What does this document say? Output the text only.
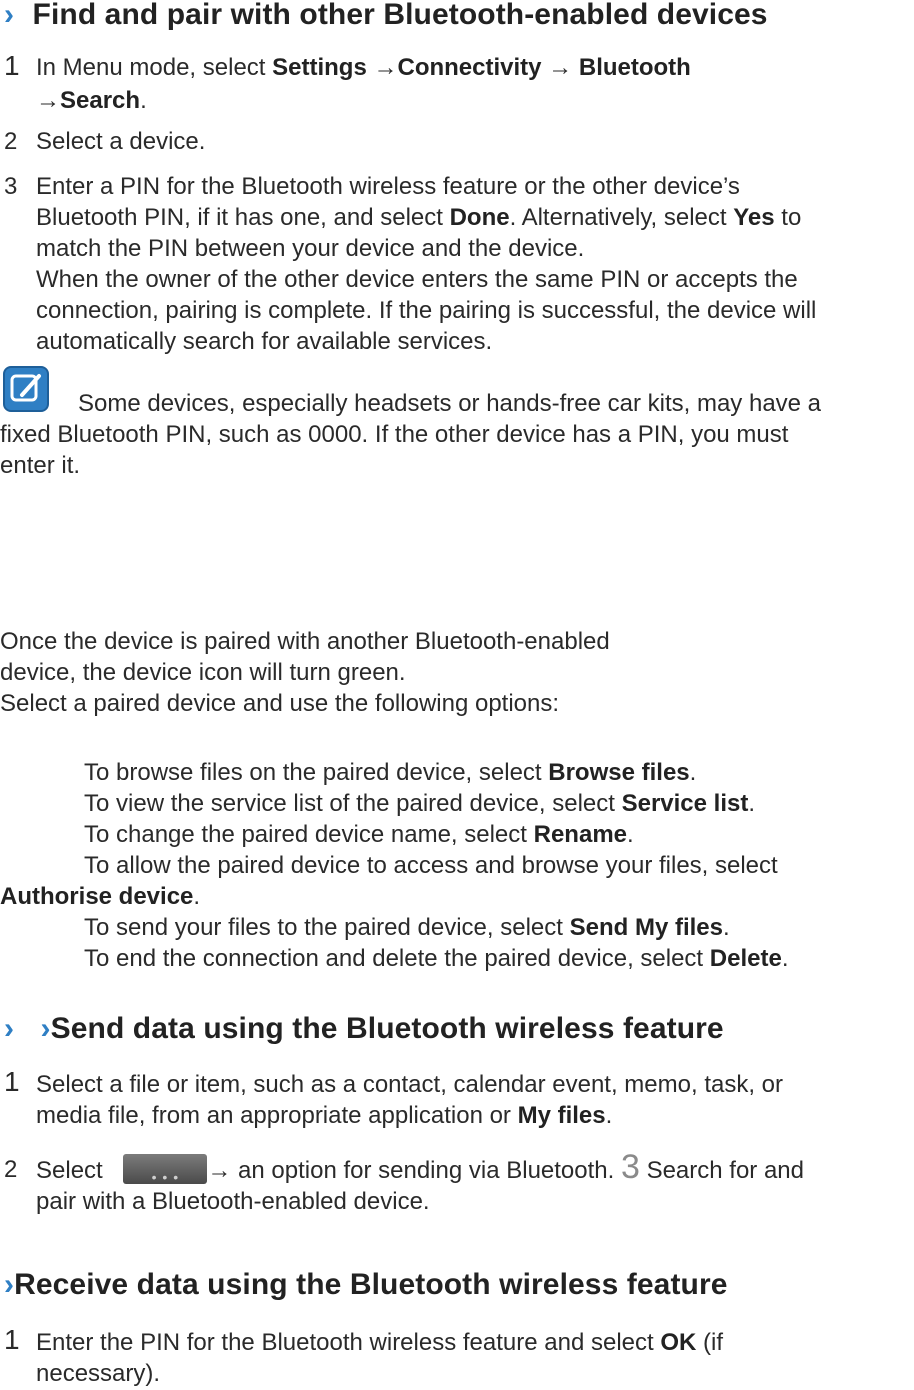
› Find and pair with other Bluetooth-enabled devices
1 In Menu mode, select Settings →Connectivity → Bluetooth
→Search.
2 Select a device.
3 Enter a PIN for the Bluetooth wireless feature or the other device’s
Bluetooth PIN, if it has one, and select Done. Alternatively, select Yes to
match the PIN between your device and the device.
When the owner of the other device enters the same PIN or accepts the
connection, pairing is complete. If the pairing is successful, the device will
automatically search for available services.
Some devices, especially headsets or hands-free car kits, may have a
fixed Bluetooth PIN, such as 0000. If the other device has a PIN, you must
enter it.
Once the device is paired with another Bluetooth-enabled
device, the device icon will turn green.
Select a paired device and use the following options:
To browse files on the paired device, select Browse files.
To view the service list of the paired device, select Service list.
To change the paired device name, select Rename.
To allow the paired device to access and browse your files, select
Authorise device.
To send your files to the paired device, select Send My files.
To end the connection and delete the paired device, select Delete.
› ›Send data using the Bluetooth wireless feature
1 Select a file or item, such as a contact, calendar event, memo, task, or
media file, from an appropriate application or My files.
2 Select	• • •	→ an option for sending via Bluetooth. 3 Search for and
pair with a Bluetooth-enabled device.
›Receive data using the Bluetooth wireless feature
1 Enter the PIN for the Bluetooth wireless feature and select OK (if
necessary).
